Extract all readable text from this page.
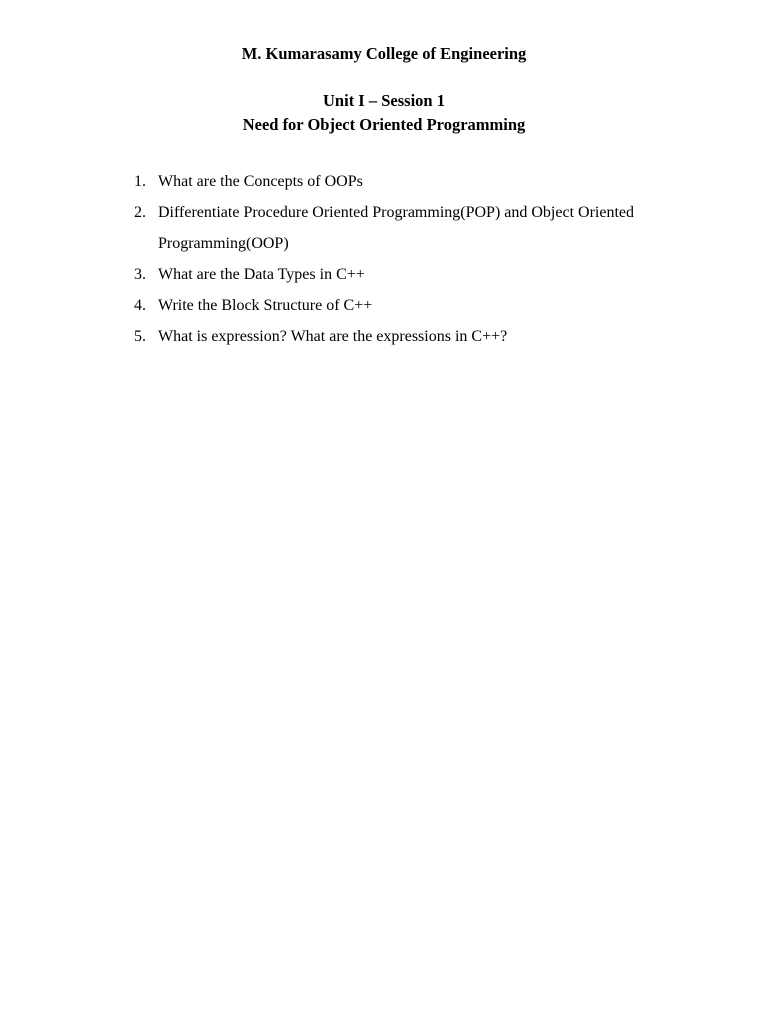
M. Kumarasamy College of Engineering
Unit I – Session 1
Need for Object Oriented Programming
1. What are the Concepts of OOPs
2. Differentiate Procedure Oriented Programming(POP) and Object Oriented Programming(OOP)
3. What are the Data Types in C++
4. Write the Block Structure of C++
5. What is expression? What are the expressions in C++?
